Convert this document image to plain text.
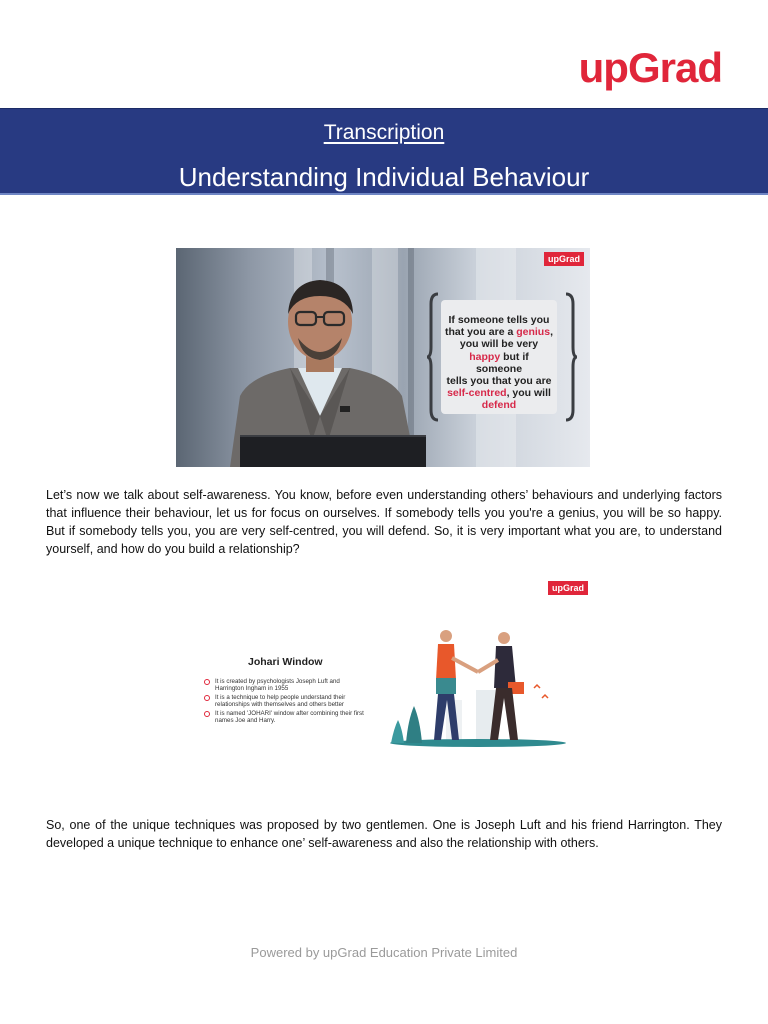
upGrad
Transcription
Understanding Individual Behaviour
If someone tells you
that you are a genius,
you will be very
happy but if someone
tells you that you are
self-centred, you will
defend
upGrad

Let’s now we talk about self-awareness. You know, before even understanding others’ behaviours and underlying factors that influence their behaviour, let us for focus on ourselves. If somebody tells you you're a genius, you will be so happy. But if somebody tells you, you are very self-centred, you will defend. So, it is very important what you are, to understand yourself, and how do you build a relationship?

upGrad
Johari Window
It is created by psychologists Joseph Luft and Harrington Ingham in 1955
It is a technique to help people understand their relationships with themselves and others better
It is named 'JOHARI' window after combining their first names Joe and Harry.

So, one of the unique techniques was proposed by two gentlemen. One is Joseph Luft and his friend Harrington. They developed a unique technique to enhance one’ self-awareness and also the relationship with others.

Powered by upGrad Education Private Limited
